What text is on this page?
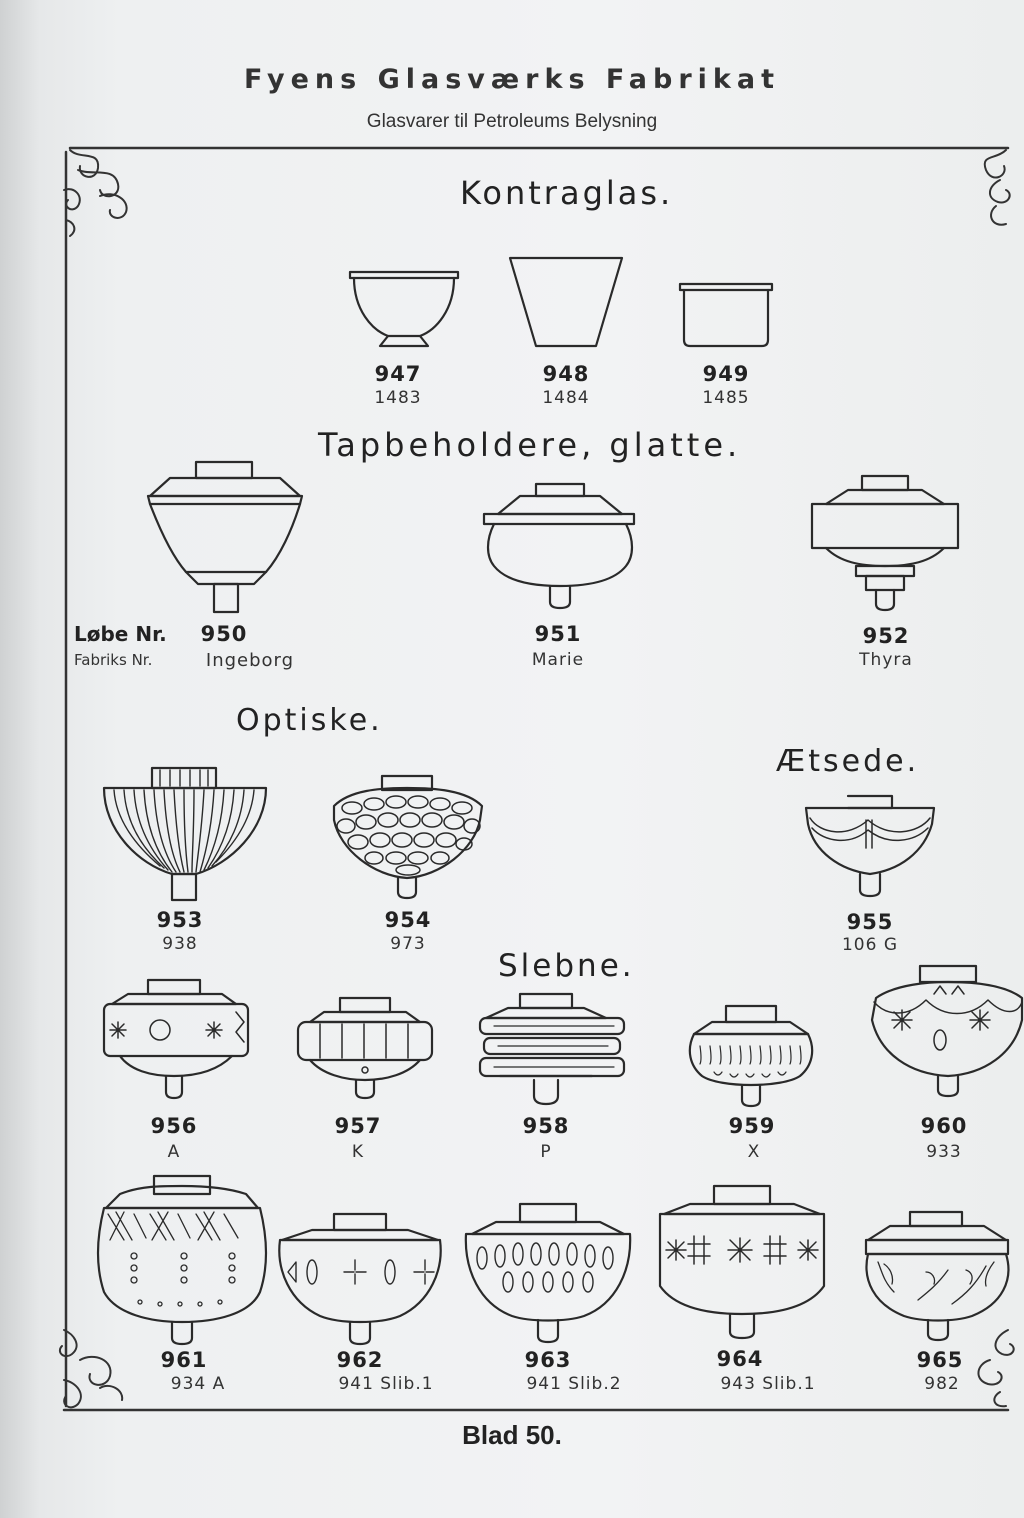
Fyens Glasværks Fabrikat
Glasvarer til Petroleums Belysning
Kontraglas.
Tapbeholdere, glatte.
Optiske.
Ætsede.
Slebne.
Løbe Nr.
Fabriks Nr.
947
1483
948
1484
949
1485
950
Ingeborg
951
Marie
952
Thyra
953
938
954
973
955
106 G
956
A
957
K
958
P
959
X
960
933
961
934 A
962
941 Slib.1
963
941 Slib.2
964
943 Slib.1
965
982
Blad 50.
